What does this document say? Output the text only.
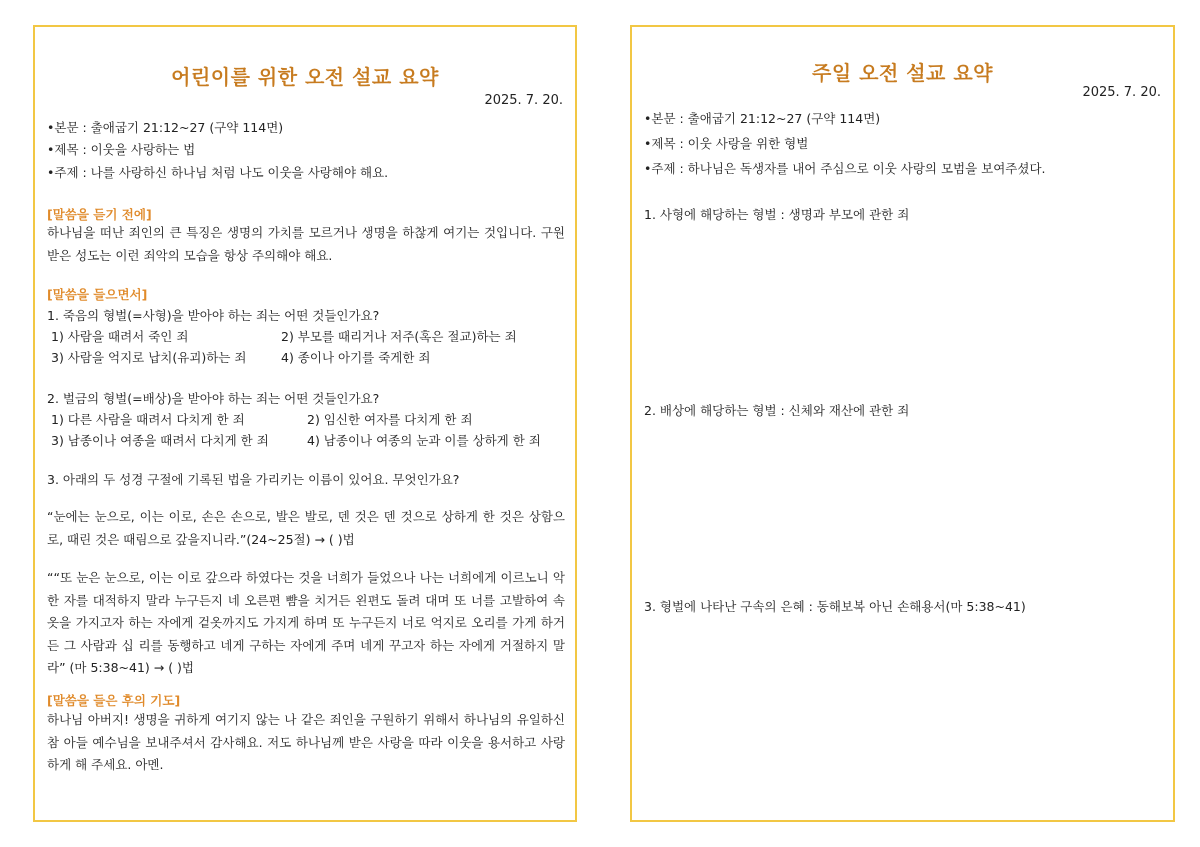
어린이를 위한 오전 설교 요약
2025. 7. 20.
•본문 : 출애굽기 21:12~27 (구약 114면)
•제목 : 이웃을 사랑하는 법
•주제 : 나를 사랑하신 하나님 처럼 나도 이웃을 사랑해야 해요.
[말씀을 듣기 전에]
하나님을 떠난 죄인의 큰 특징은 생명의 가치를 모르거나 생명을 하찮게 여기는 것입니다. 구원받은 성도는 이런 죄악의 모습을 항상 주의해야 해요.
[말씀을 들으면서]
1. 죽음의 형벌(=사형)을 받아야 하는 죄는 어떤 것들인가요?
1) 사람을 때려서 죽인 죄	2) 부모를 때리거나 저주(혹은 절교)하는 죄
3) 사람을 억지로 납치(유괴)하는 죄	4) 종이나 아기를 죽게한 죄
2. 벌금의 형벌(=배상)을 받아야 하는 죄는 어떤 것들인가요?
1) 다른 사람을 때려서 다치게 한 죄	2) 임신한 여자를 다치게 한 죄
3) 남종이나 여종을 때려서 다치게 한 죄	4) 남종이나 여종의 눈과 이를 상하게 한 죄
3. 아래의 두 성경 구절에 기록된 법을 가리키는 이름이 있어요. 무엇인가요?
“눈에는 눈으로, 이는 이로, 손은 손으로, 발은 발로, 덴 것은 덴 것으로 상하게 한 것은 상함으로, 때린 것은 때림으로 갚을지니라.”(24~25절) → ( )법
““또 눈은 눈으로, 이는 이로 갚으라 하였다는 것을 너희가 들었으나 나는 너희에게 이르노니 악한 자를 대적하지 말라 누구든지 네 오른편 뺨을 치거든 왼편도 돌려 대며 또 너를 고발하여 속옷을 가지고자 하는 자에게 겉옷까지도 가지게 하며 또 누구든지 너로 억지로 오리를 가게 하거든 그 사람과 십 리를 동행하고 네게 구하는 자에게 주며 네게 꾸고자 하는 자에게 거절하지 말라” (마 5:38~41) → ( )법
[말씀을 들은 후의 기도]
하나님 아버지! 생명을 귀하게 여기지 않는 나 같은 죄인을 구원하기 위해서 하나님의 유일하신 참 아들 예수님을 보내주셔서 감사해요. 저도 하나님께 받은 사랑을 따라 이웃을 용서하고 사랑하게 해 주세요. 아멘.
주일 오전 설교 요약
2025. 7. 20.
•본문 : 출애굽기 21:12~27 (구약 114면)
•제목 : 이웃 사랑을 위한 형벌
•주제 : 하나님은 독생자를 내어 주심으로 이웃 사랑의 모범을 보여주셨다.
1. 사형에 해당하는 형벌 : 생명과 부모에 관한 죄
2. 배상에 해당하는 형벌 : 신체와 재산에 관한 죄
3. 형벌에 나타난 구속의 은혜 : 동해보복 아닌 손해용서(마 5:38~41)
